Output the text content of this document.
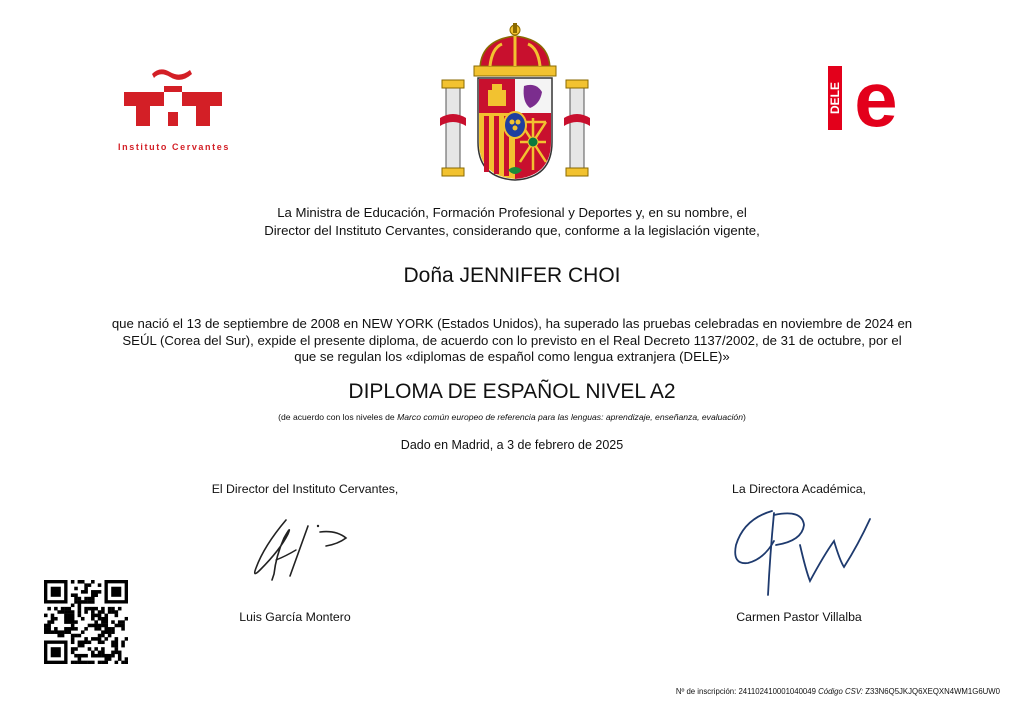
Instituto Cervantes
DELE e
La Ministra de Educación, Formación Profesional y Deportes y, en su nombre, el
Director del Instituto Cervantes, considerando que, conforme a la legislación vigente,
Doña JENNIFER CHOI
que nació el 13 de septiembre de 2008 en NEW YORK (Estados Unidos), ha superado las pruebas celebradas en noviembre de 2024 en
SEÚL (Corea del Sur), expide el presente diploma, de acuerdo con lo previsto en el Real Decreto 1137/2002, de 31 de octubre, por el
que se regulan los «diplomas de español como lengua extranjera (DELE)»
DIPLOMA DE ESPAÑOL NIVEL A2
(de acuerdo con los niveles de Marco común europeo de referencia para las lenguas: aprendizaje, enseñanza, evaluación)
Dado en Madrid, a 3 de febrero de 2025
El Director del Instituto Cervantes,	La Directora Académica,
Luis García Montero	Carmen Pastor Villalba
Nº de inscripción: 241102410001040049 Código CSV: Z33N6Q5JKJQ6XEQXN4WM1G6UW0
